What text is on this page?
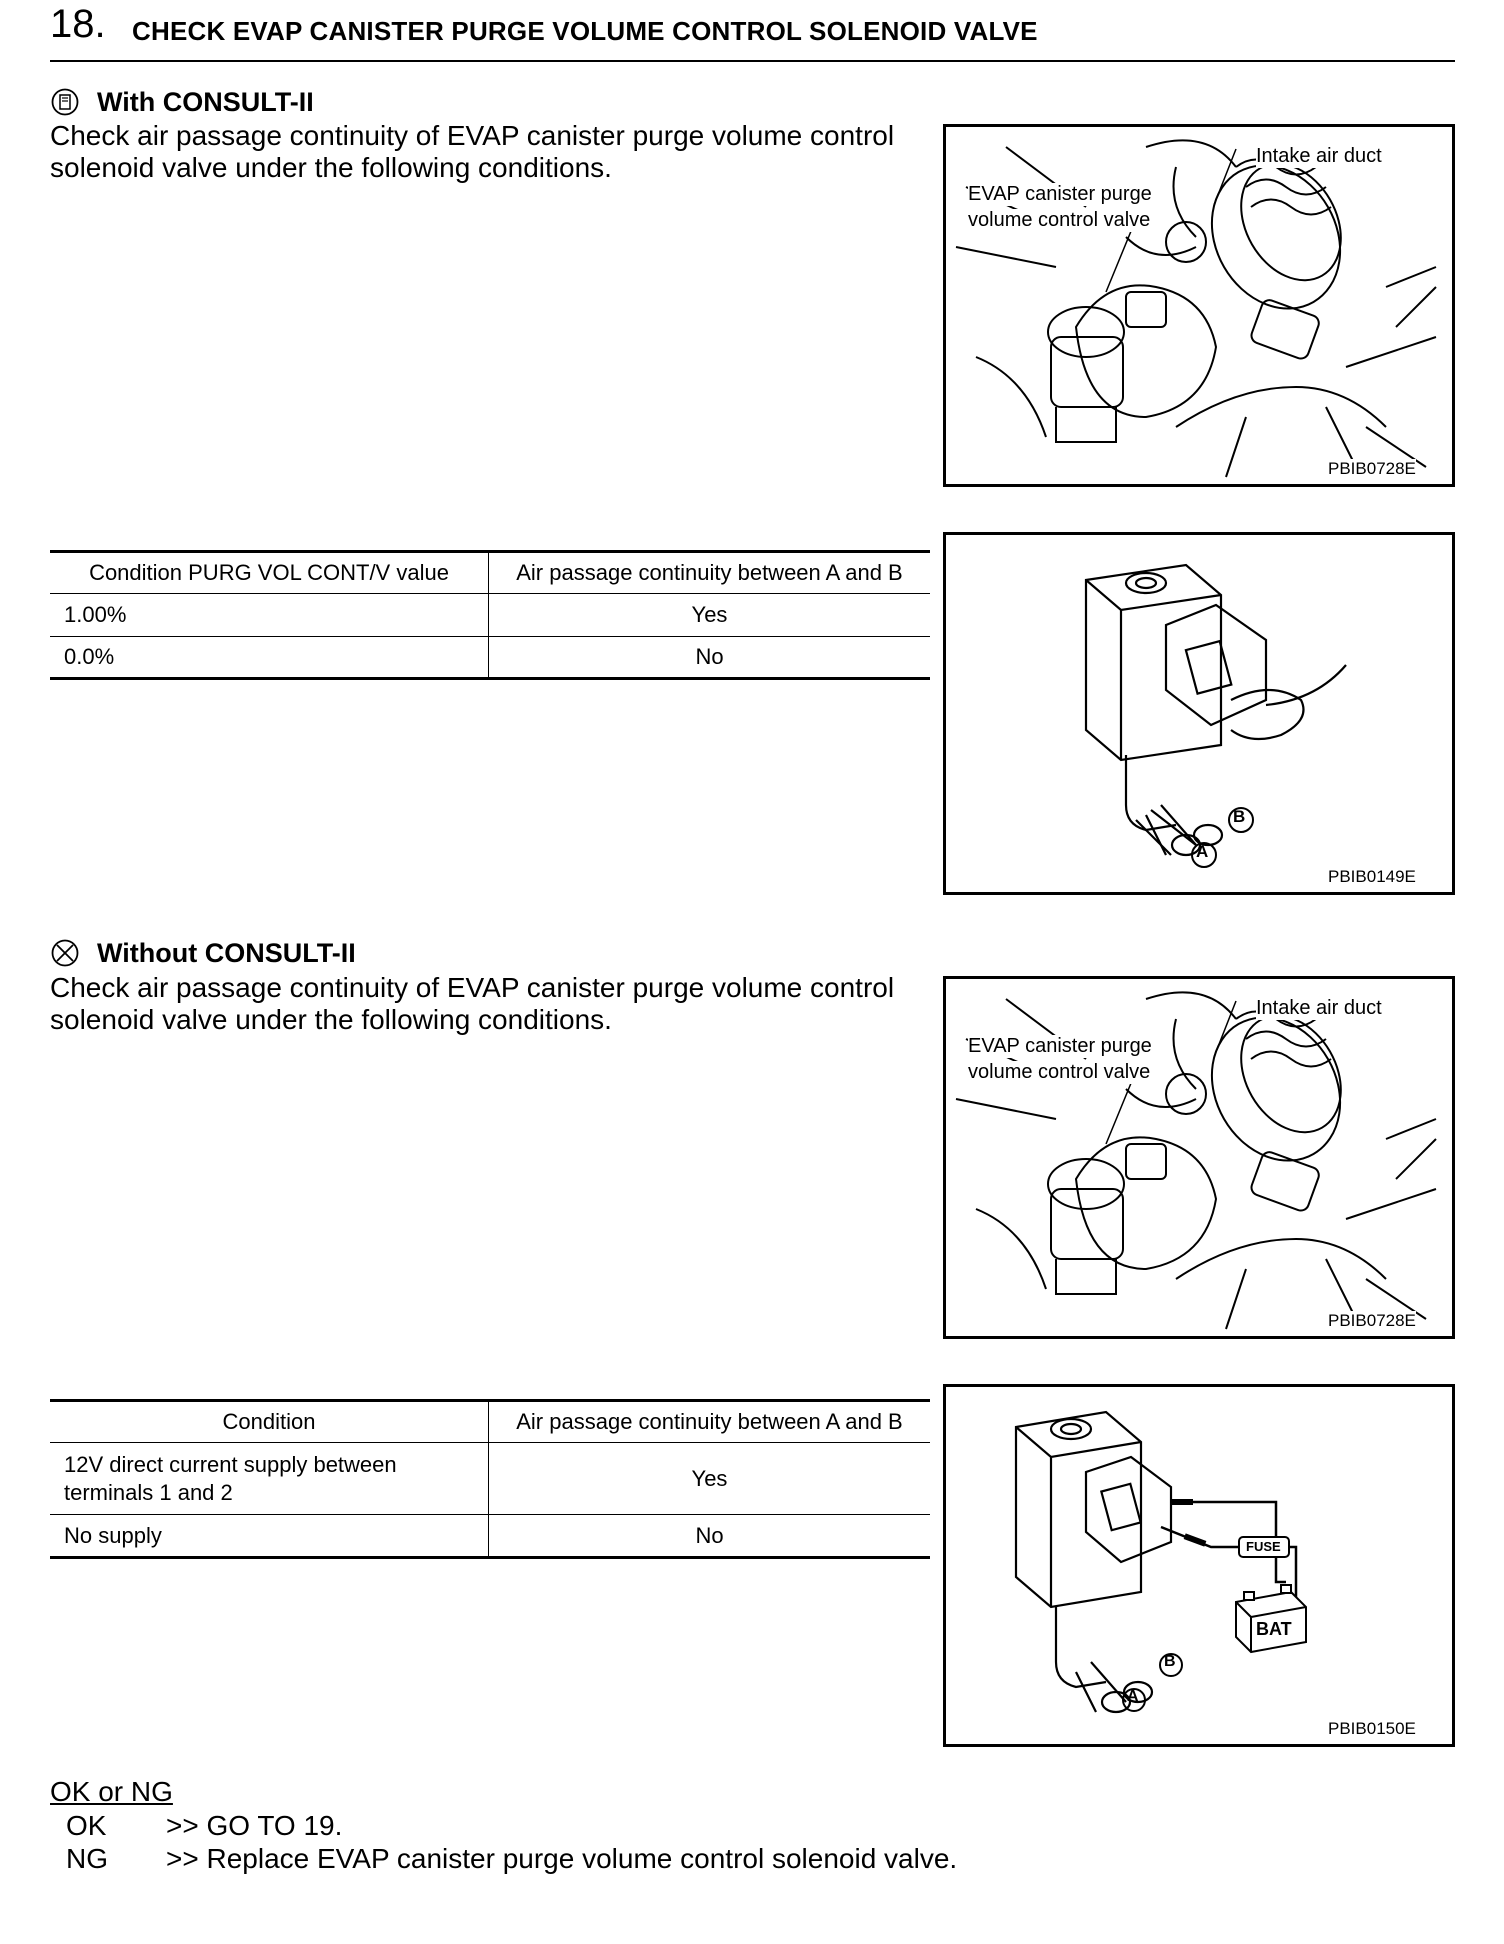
18. CHECK EVAP CANISTER PURGE VOLUME CONTROL SOLENOID VALVE
With CONSULT-II
Check air passage continuity of EVAP canister purge volume control
solenoid valve under the following conditions.
Condition PURG VOL CONT/V value	Air passage continuity between A and B
1.00%	Yes
0.0%	No
Intake air duct
EVAP canister purge
volume control valve
PBIB0728E
B
A
PBIB0149E
Without CONSULT-II
Check air passage continuity of EVAP canister purge volume control
solenoid valve under the following conditions.
Condition	Air passage continuity between A and B

12V direct current supply between
terminals 1 and 2	Yes
No supply	No
Intake air duct
EVAP canister purge
volume control valve
PBIB0728E
FUSE
BAT
B
A
PBIB0150E
OK or NG
OK >> GO TO 19.
NG >> Replace EVAP canister purge volume control solenoid valve.
